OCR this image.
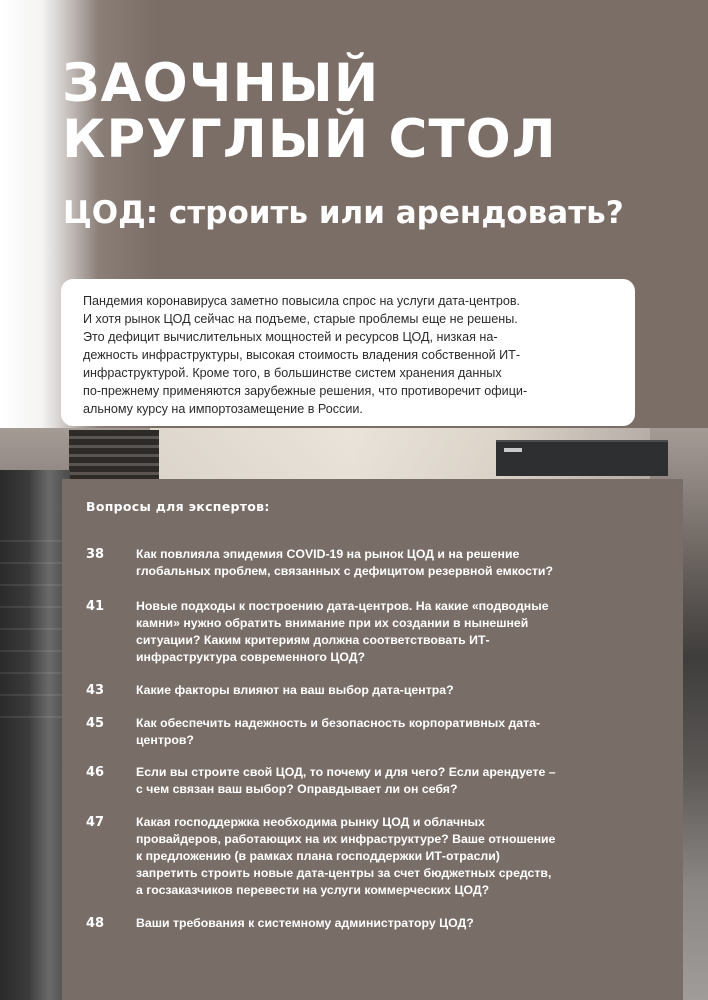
ЗАОЧНЫЙ
КРУГЛЫЙ СТОЛ
ЦОД: строить или арендовать?

Пандемия коронавируса заметно повысила спрос на услуги дата-центров.
И хотя рынок ЦОД сейчас на подъеме, старые проблемы еще не решены.
Это дефицит вычислительных мощностей и ресурсов ЦОД, низкая на-
дежность инфраструктуры, высокая стоимость владения собственной ИТ-
инфраструктурой. Кроме того, в большинстве систем хранения данных
по-прежнему применяются зарубежные решения, что противоречит офици-
альному курсу на импортозамещение в России.

Вопросы для экспертов:
38	Как повлияла эпидемия COVID-19 на рынок ЦОД и на решение
глобальных проблем, связанных с дефицитом резервной емкости?

41	Новые подходы к построению дата-центров. На какие «подводные
камни» нужно обратить внимание при их создании в нынешней
ситуации? Каким критериям должна соответствовать ИТ-
инфраструктура современного ЦОД?

43	Какие факторы влияют на ваш выбор дата-центра?

45	Как обеспечить надежность и безопасность корпоративных дата-
центров?

46	Если вы строите свой ЦОД, то почему и для чего? Если арендуете –
с чем связан ваш выбор? Оправдывает ли он себя?

47	Какая господдержка необходима рынку ЦОД и облачных
провайдеров, работающих на их инфраструктуре? Ваше отношение
к предложению (в рамках плана господдержки ИТ-отрасли)
запретить строить новые дата-центры за счет бюджетных средств,
а госзаказчиков перевести на услуги коммерческих ЦОД?

48	Ваши требования к системному администратору ЦОД?
